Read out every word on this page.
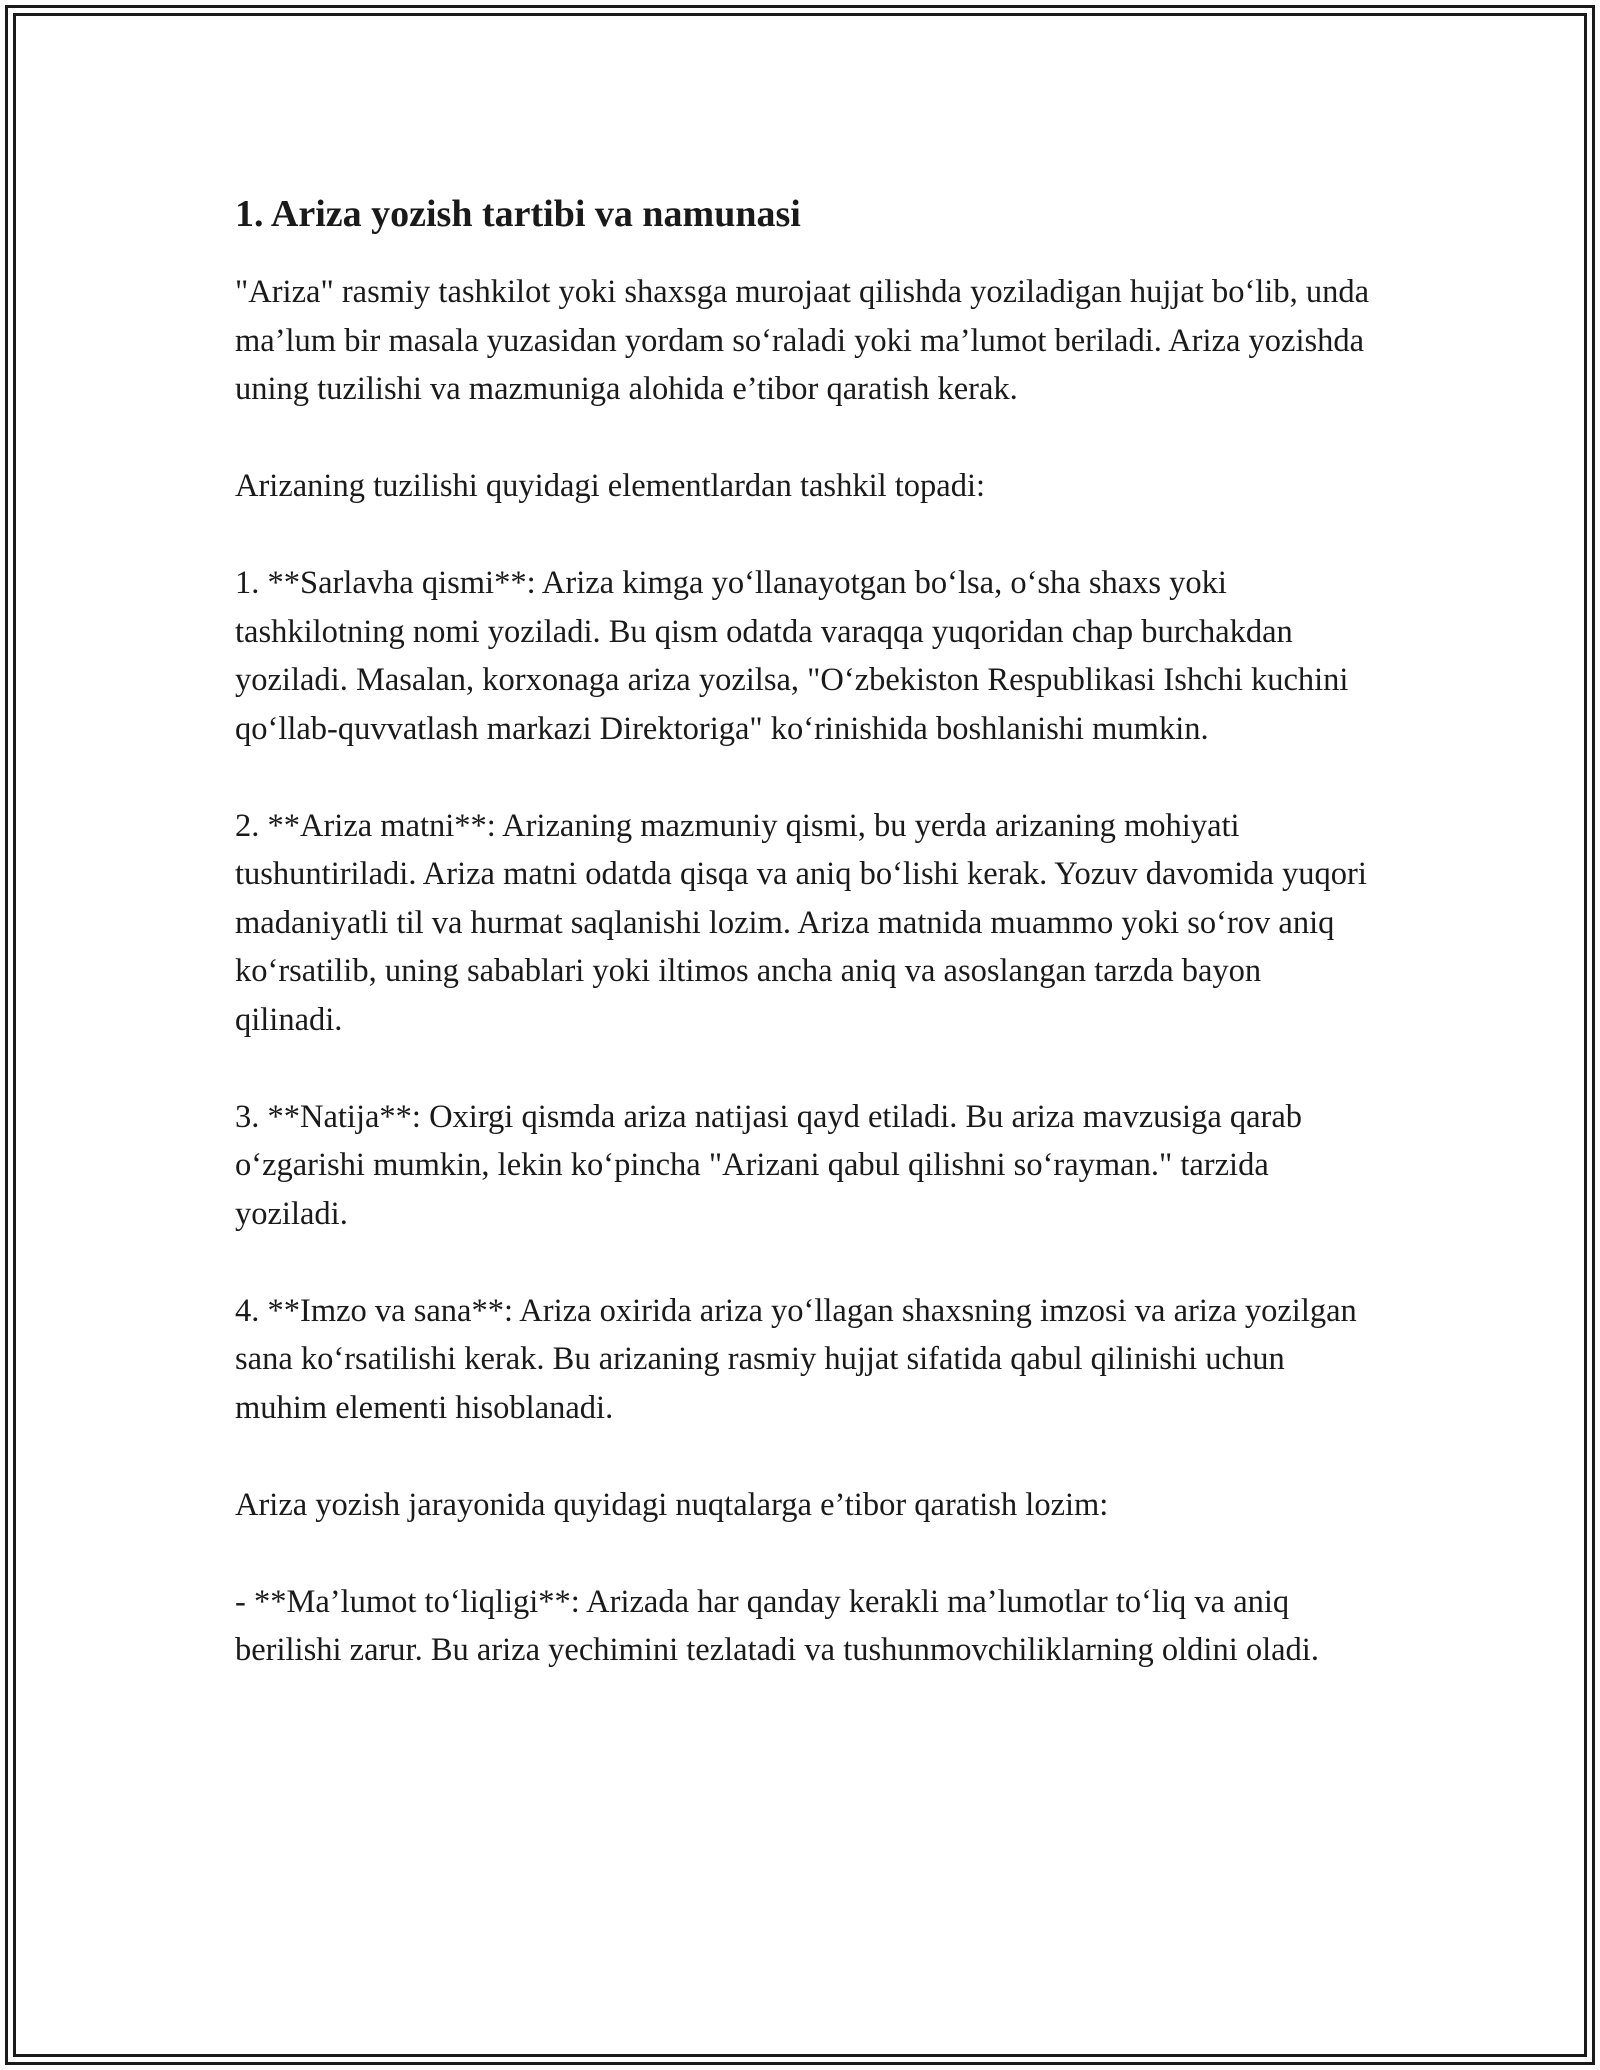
1. Ariza yozish tartibi va namunasi

"Ariza" rasmiy tashkilot yoki shaxsga murojaat qilishda yoziladigan hujjat bo‘lib, unda ma’lum bir masala yuzasidan yordam so‘raladi yoki ma’lumot beriladi. Ariza yozishda uning tuzilishi va mazmuniga alohida e’tibor qaratish kerak.

Arizaning tuzilishi quyidagi elementlardan tashkil topadi:

1. **Sarlavha qismi**: Ariza kimga yo‘llanayotgan bo‘lsa, o‘sha shaxs yoki tashkilotning nomi yoziladi. Bu qism odatda varaqqa yuqoridan chap burchakdan yoziladi. Masalan, korxonaga ariza yozilsa, "O‘zbekiston Respublikasi Ishchi kuchini qo‘llab-quvvatlash markazi Direktoriga" ko‘rinishida boshlanishi mumkin.

2. **Ariza matni**: Arizaning mazmuniy qismi, bu yerda arizaning mohiyati tushuntiriladi. Ariza matni odatda qisqa va aniq bo‘lishi kerak. Yozuv davomida yuqori madaniyatli til va hurmat saqlanishi lozim. Ariza matnida muammo yoki so‘rov aniq ko‘rsatilib, uning sabablari yoki iltimos ancha aniq va asoslangan tarzda bayon qilinadi.

3. **Natija**: Oxirgi qismda ariza natijasi qayd etiladi. Bu ariza mavzusiga qarab o‘zgarishi mumkin, lekin ko‘pincha "Arizani qabul qilishni so‘rayman." tarzida yoziladi.

4. **Imzo va sana**: Ariza oxirida ariza yo‘llagan shaxsning imzosi va ariza yozilgan sana ko‘rsatilishi kerak. Bu arizaning rasmiy hujjat sifatida qabul qilinishi uchun muhim elementi hisoblanadi.

Ariza yozish jarayonida quyidagi nuqtalarga e’tibor qaratish lozim:

- **Ma’lumot to‘liqligi**: Arizada har qanday kerakli ma’lumotlar to‘liq va aniq berilishi zarur. Bu ariza yechimini tezlatadi va tushunmovchiliklarning oldini oladi.
